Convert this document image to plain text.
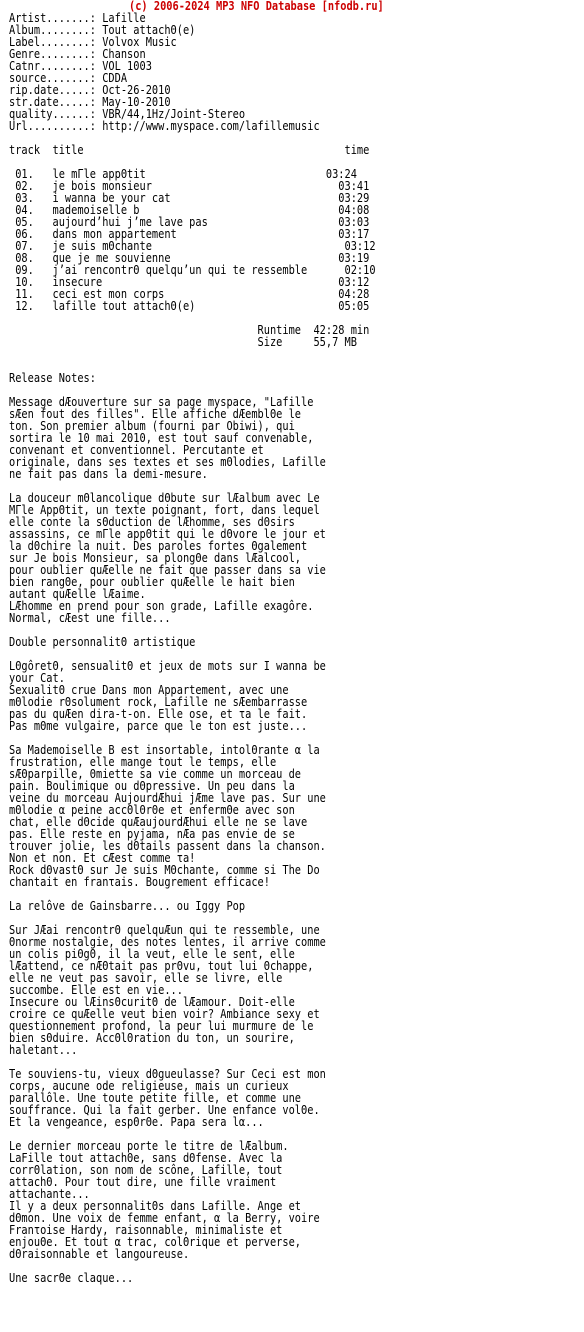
(c) 2006-2024 MP3 NFO Database [nfodb.ru]
Artist.......: Lafille
Album........: Tout attachΘ(e)
Label........: Volvox Music
Genre........: Chanson
Catnr........: VOL 1003
source.......: CDDA
rip.date.....: Oct-26-2010
str.date.....: May-10-2010
quality......: VBR/44,1Hz/Joint-Stereo
Url..........: http://www.myspace.com/lafillemusic
track  title                                          time
01.   le mΓle appΘtit                             03:24
02.   je bois monsieur                              03:41
03.   i wanna be your cat                           03:29
04.   mademoiselle b                                04:08
05.   aujourd’hui j’me lave pas                     03:03
06.   dans mon appartement                          03:17
07.   je suis mΘchante                               03:12
08.   que je me souvienne                           03:19
09.   j’ai rencontrΘ quelqu’un qui te ressemble      02:10
10.   insecure                                      03:12
11.   ceci est mon corps                            04:28
12.   lafille tout attachΘ(e)                       05:05
Runtime  42:28 min
Size     55,7 MB
Release Notes:
Message dÆouverture sur sa page myspace, "Lafille
sÆen fout des filles". Elle affiche dÆemblΘe le
ton. Son premier album (fourni par Obiwi), qui
sortira le 10 mai 2010, est tout sauf convenable,
convenant et conventionnel. Percutante et
originale, dans ses textes et ses mΘlodies, Lafille
ne fait pas dans la demi-mesure.
La douceur mΘlancolique dΘbute sur lÆalbum avec Le
MΓle AppΘtit, un texte poignant, fort, dans lequel
elle conte la sΘduction de lÆhomme, ses dΘsirs
assassins, ce mΓle appΘtit qui le dΘvore le jour et
la dΘchire la nuit. Des paroles fortes Θgalement
sur Je bois Monsieur, sa plongΘe dans lÆalcool,
pour oublier quÆelle ne fait que passer dans sa vie
bien rangΘe, pour oublier quÆelle le hait bien
autant quÆelle lÆaime.
LÆhomme en prend pour son grade, Lafille exagôre.
Normal, cÆest une fille...
Double personnalitΘ artistique
LΘgôretΘ, sensualitΘ et jeux de mots sur I wanna be
your Cat.
SexualitΘ crue Dans mon Appartement, avec une
mΘlodie rΘsolument rock, Lafille ne sÆembarrasse
pas du quÆen dira-t-on. Elle ose, et τa le fait.
Pas mΘme vulgaire, parce que le ton est juste...
Sa Mademoiselle B est insortable, intolΘrante α la
frustration, elle mange tout le temps, elle
sÆΘparpille, Θmiette sa vie comme un morceau de
pain. Boulimique ou dΘpressive. Un peu dans la
veine du morceau AujourdÆhui jÆme lave pas. Sur une
mΘlodie α peine accΘlΘrΘe et enfermΘe avec son
chat, elle dΘcide quÆaujourdÆhui elle ne se lave
pas. Elle reste en pyjama, nÆa pas envie de se
trouver jolie, les dΘtails passent dans la chanson.
Non et non. Et cÆest comme τa!
Rock dΘvastΘ sur Je suis MΘchante, comme si The Do
chantait en franτais. Bougrement efficace!
La relôve de Gainsbarre... ou Iggy Pop
Sur JÆai rencontrΘ quelquÆun qui te ressemble, une
Θnorme nostalgie, des notes lentes, il arrive comme
un colis piΘgΘ, il la veut, elle le sent, elle
lÆattend, ce nÆΘtait pas prΘvu, tout lui Θchappe,
elle ne veut pas savoir, elle se livre, elle
succombe. Elle est en vie...
Insecure ou lÆinsΘcuritΘ de lÆamour. Doit-elle
croire ce quÆelle veut bien voir? Ambiance sexy et
questionnement profond, la peur lui murmure de le
bien sΘduire. AccΘlΘration du ton, un sourire,
haletant...
Te souviens-tu, vieux dΘgueulasse? Sur Ceci est mon
corps, aucune ode religieuse, mais un curieux
parallôle. Une toute petite fille, et comme une
souffrance. Qui la fait gerber. Une enfance volΘe.
Et la vengeance, espΘrΘe. Papa sera lα...
Le dernier morceau porte le titre de lÆalbum.
LaFille tout attachΘe, sans dΘfense. Avec la
corrΘlation, son nom de scône, Lafille, tout
attachΘ. Pour tout dire, une fille vraiment
attachante...
Il y a deux personnalitΘs dans Lafille. Ange et
dΘmon. Une voix de femme enfant, α la Berry, voire
Franτoise Hardy, raisonnable, minimaliste et
enjouΘe. Et tout α trac, colΘrique et perverse,
dΘraisonnable et langoureuse.
Une sacrΘe claque...
